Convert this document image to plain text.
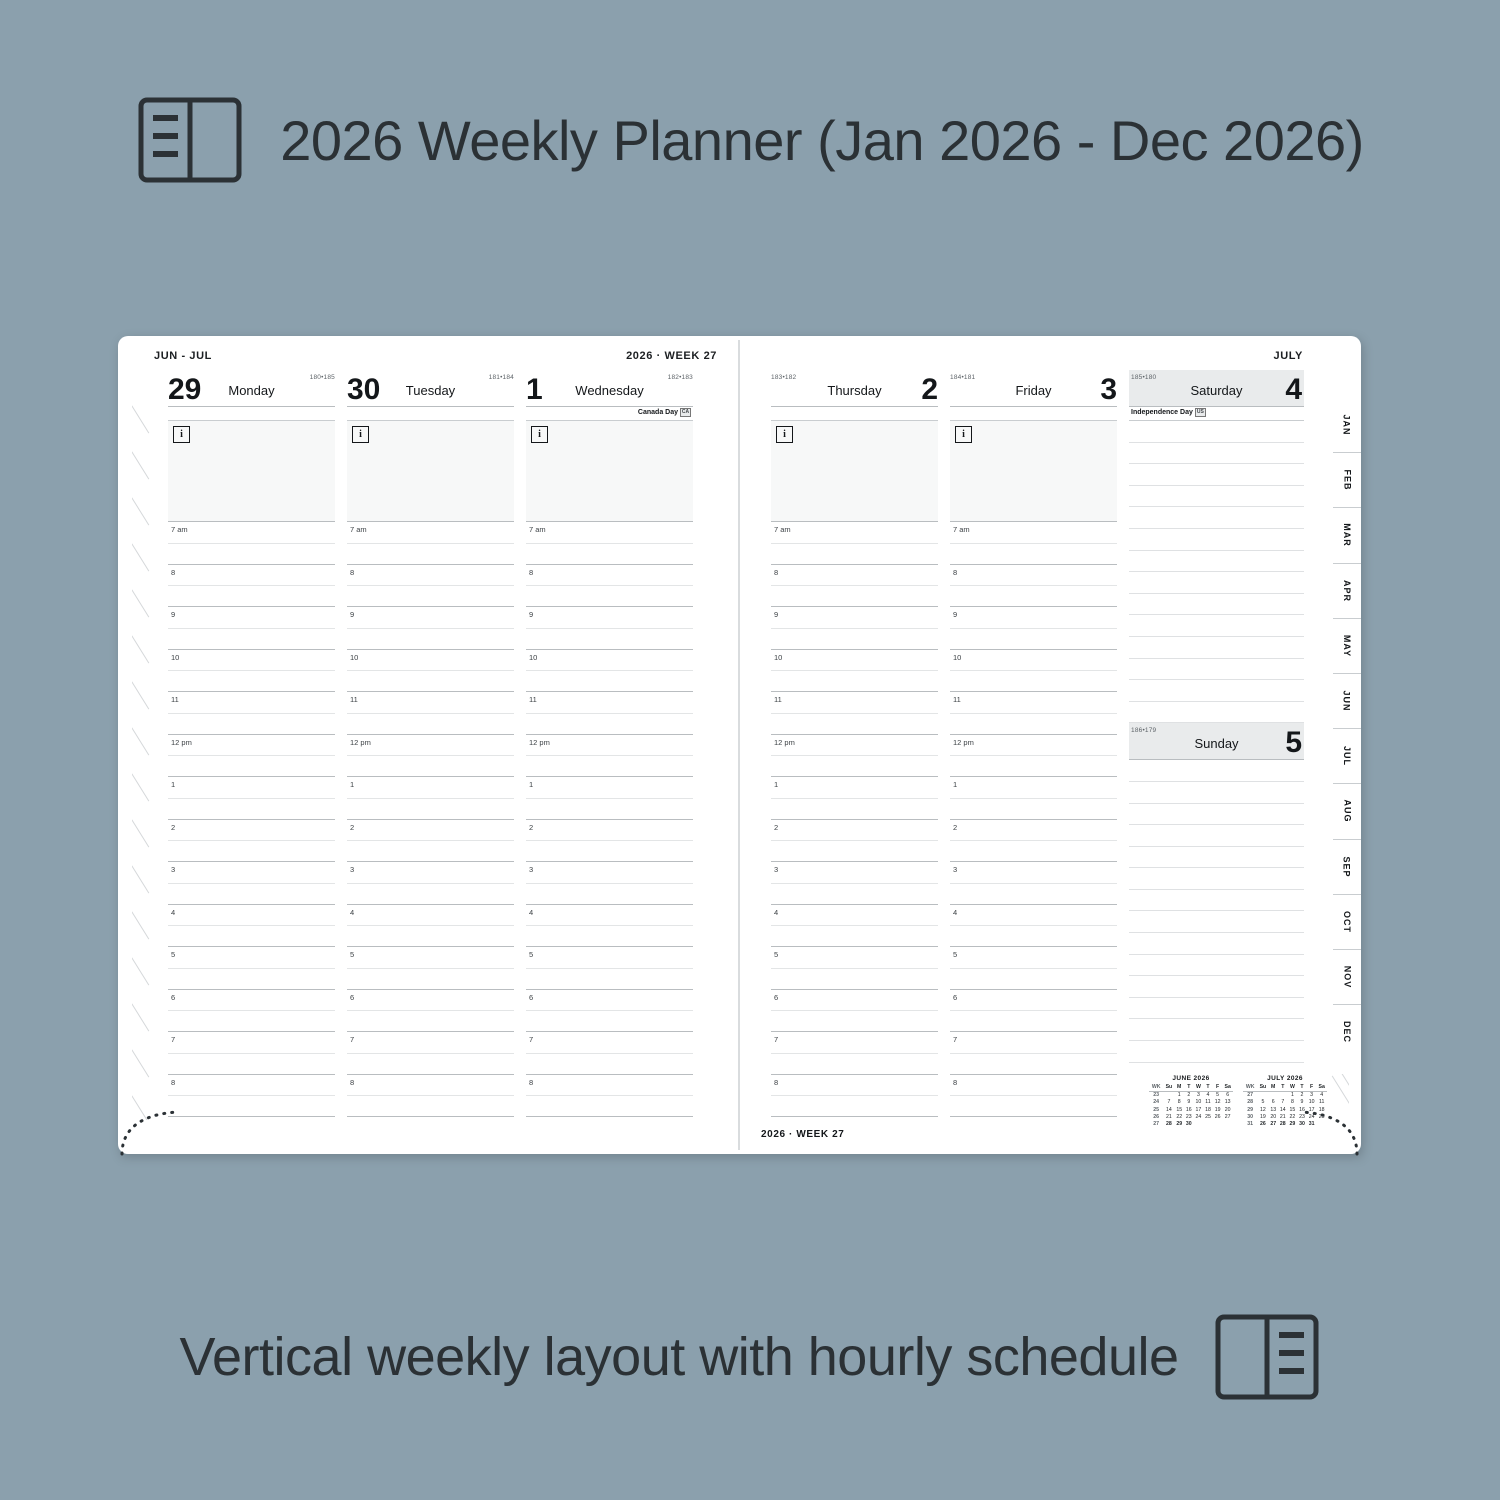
2026 Weekly Planner (Jan 2026 - Dec 2026)
JUN - JUL	2026 · WEEK 27
29	Monday
180•185
i
7 am
8
9
10
11
12 pm
1
2
3
4
5
6
7
8
30	Tuesday
181•184
i
7 am
8
9
10
11
12 pm
1
2
3
4
5
6
7
8
1	Wednesday
182•183
Canada Day CA
i
7 am
8
9
10
11
12 pm
1
2
3
4
5
6
7
8
JULY
2
Thursday
183•182
i
7 am
8
9
10
11
12 pm
1
2
3
4
5
6
7
8
3
Friday
184•181
i
7 am
8
9
10
11
12 pm
1
2
3
4
5
6
7
8
4
Saturday
185•180
Independence Day US
5
Sunday
186•179
JAN
FEB
MAR
APR
MAY
JUN
JUL
AUG
SEP
OCT
NOV
DEC
JUNE 2026
WK	Su	M	T	W	T	F	Sa
23		1	2	3	4	5	6
24	7	8	9	10	11	12	13
25	14	15	16	17	18	19	20
26	21	22	23	24	25	26	27
27	28	29	30				
JULY 2026
WK	Su	M	T	W	T	F	Sa
27				1	2	3	4
28	5	6	7	8	9	10	11
29	12	13	14	15	16	17	18
30	19	20	21	22	23	24	25
31	26	27	28	29	30	31	
2026 · WEEK 27
Vertical weekly layout with hourly schedule
